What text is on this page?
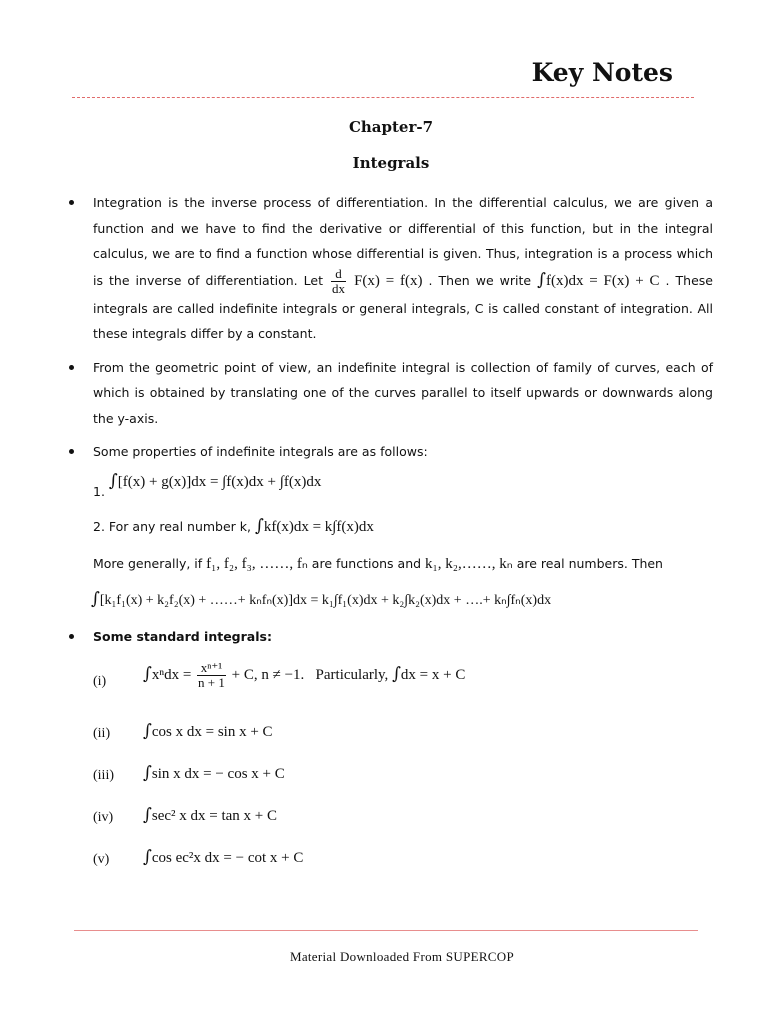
Key Notes
Chapter-7
Integrals
Integration is the inverse process of differentiation. In the differential calculus, we are given a function and we have to find the derivative or differential of this function, but in the integral calculus, we are to find a function whose differential is given. Thus, integration is a process which is the inverse of differentiation. Let $\frac{d}{dx} F(x) = f(x)$ . Then we write ∫f(x)dx = F(x) + C . These integrals are called indefinite integrals or general integrals, C is called constant of integration. All these integrals differ by a constant.
From the geometric point of view, an indefinite integral is collection of family of curves, each of which is obtained by translating one of the curves parallel to itself upwards or downwards along the y-axis.
Some properties of indefinite integrals are as follows:
1. ∫[f(x) + g(x)]dx = ∫f(x)dx + ∫f(x)dx
2. For any real number k, ∫kf(x)dx = k∫f(x)dx
More generally, if f₁, f₂, f₃, ……, fₙ are functions and k₁, k₂,……, kₙ are real numbers. Then
∫[k₁f₁(x) + k₂f₂(x) + ……+ kₙfₙ(x)]dx = k₁∫f₁(x)dx + k₂∫k₂(x)dx + ….+ kₙ∫fₙ(x)dx
Some standard integrals:
(i) $\int x^ndx = \frac{\text{xⁿ⁺¹}}{n + 1} + C$, n ≠ −1. Particularly, ∫dx = x + C
(ii) ∫cos x dx = sin x + C
(iii) ∫sin x dx = − cos x + C
(iv) ∫sec² x dx = tan x + C
(v) ∫cos ec²x dx = − cot x + C
Material Downloaded From SUPERCOP
